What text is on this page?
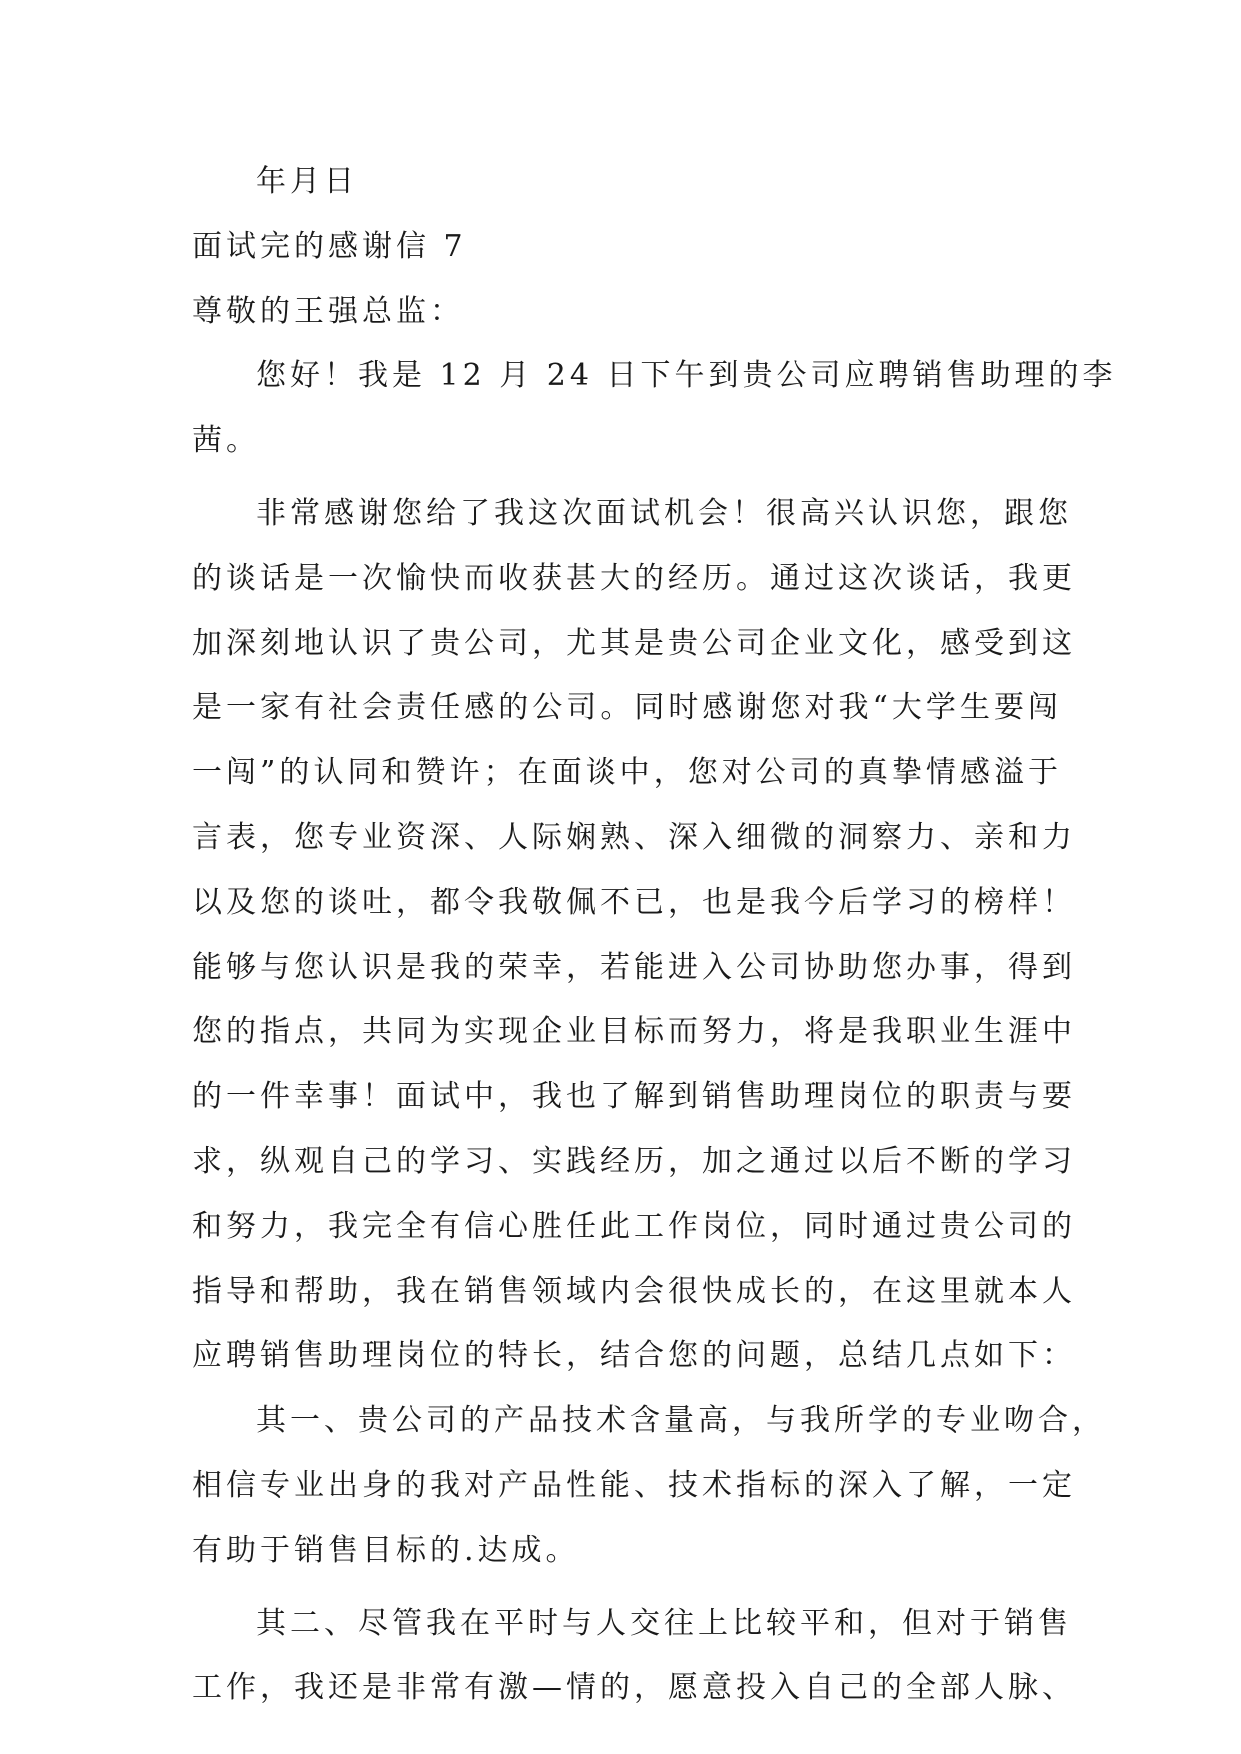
年月日
面试完的感谢信 7
尊敬的王强总监：
您好！我是 12 月 24 日下午到贵公司应聘销售助理的李
茜。
非常感谢您给了我这次面试机会！很高兴认识您，跟您
的谈话是一次愉快而收获甚大的经历。通过这次谈话，我更
加深刻地认识了贵公司，尤其是贵公司企业文化，感受到这
是一家有社会责任感的公司。同时感谢您对我“大学生要闯
一闯”的认同和赞许；在面谈中，您对公司的真挚情感溢于
言表，您专业资深、人际娴熟、深入细微的洞察力、亲和力
以及您的谈吐，都令我敬佩不已，也是我今后学习的榜样！
能够与您认识是我的荣幸，若能进入公司协助您办事，得到
您的指点，共同为实现企业目标而努力，将是我职业生涯中
的一件幸事！面试中，我也了解到销售助理岗位的职责与要
求，纵观自己的学习、实践经历，加之通过以后不断的学习
和努力，我完全有信心胜任此工作岗位，同时通过贵公司的
指导和帮助，我在销售领域内会很快成长的，在这里就本人
应聘销售助理岗位的特长，结合您的问题，总结几点如下：
其一、贵公司的产品技术含量高，与我所学的专业吻合，
相信专业出身的我对产品性能、技术指标的深入了解，一定
有助于销售目标的.达成。
其二、尽管我在平时与人交往上比较平和，但对于销售
工作，我还是非常有激—情的，愿意投入自己的全部人脉、
